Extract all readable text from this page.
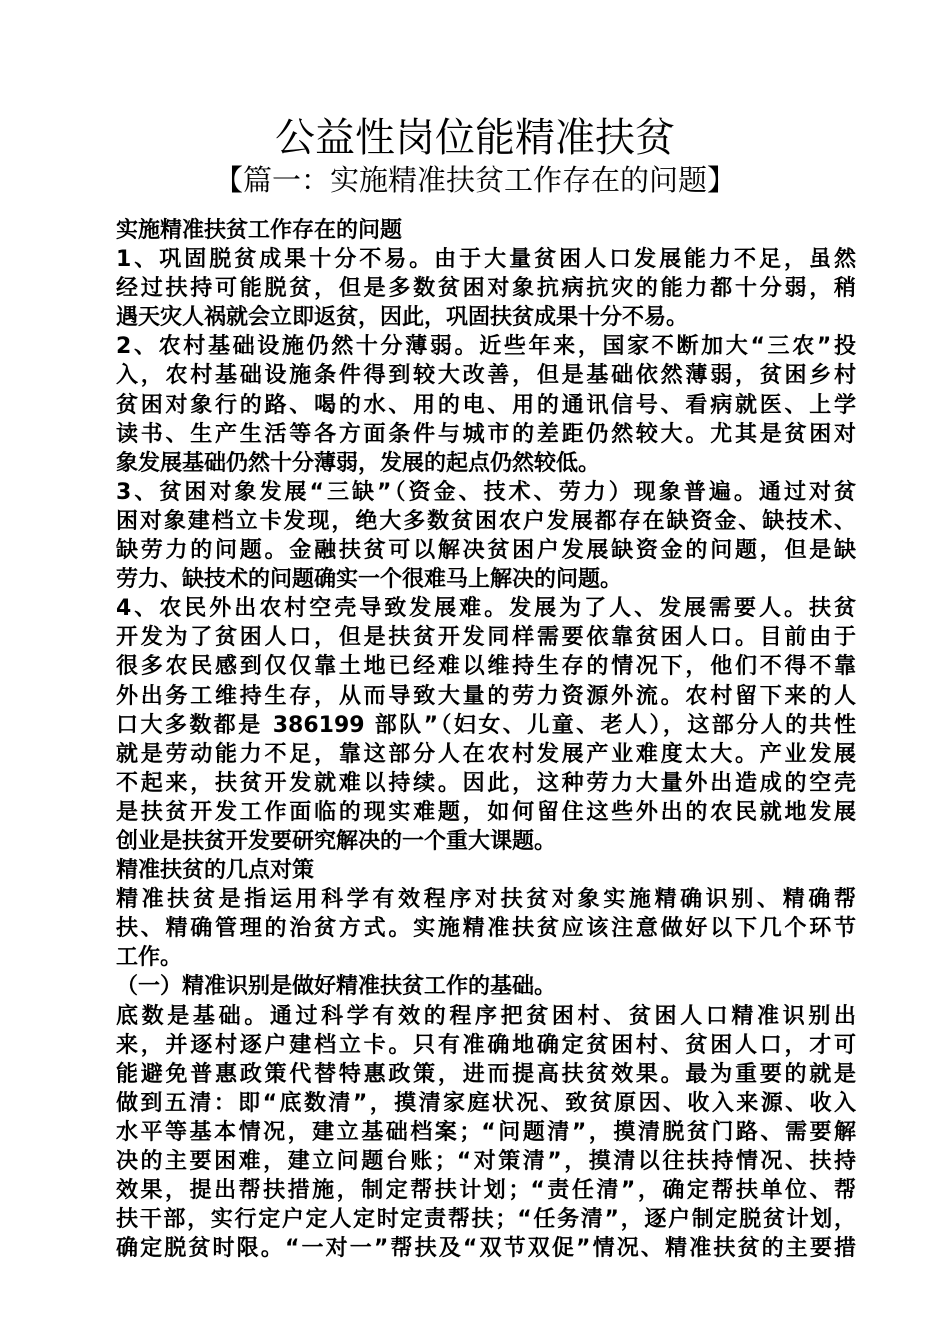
公益性岗位能精准扶贫
【篇一：实施精准扶贫工作存在的问题】
实施精准扶贫工作存在的问题
1、巩固脱贫成果十分不易。由于大量贫困人口发展能力不足，虽然
经过扶持可能脱贫，但是多数贫困对象抗病抗灾的能力都十分弱，稍
遇天灾人祸就会立即返贫，因此，巩固扶贫成果十分不易。
2、农村基础设施仍然十分薄弱。近些年来，国家不断加大“三农”投
入，农村基础设施条件得到较大改善，但是基础依然薄弱，贫困乡村
贫困对象行的路、喝的水、用的电、用的通讯信号、看病就医、上学
读书、生产生活等各方面条件与城市的差距仍然较大。尤其是贫困对
象发展基础仍然十分薄弱，发展的起点仍然较低。
3、贫困对象发展“三缺”（资金、技术、劳力）现象普遍。通过对贫
困对象建档立卡发现，绝大多数贫困农户发展都存在缺资金、缺技术、
缺劳力的问题。金融扶贫可以解决贫困户发展缺资金的问题，但是缺
劳力、缺技术的问题确实一个很难马上解决的问题。
4、农民外出农村空壳导致发展难。发展为了人、发展需要人。扶贫
开发为了贫困人口，但是扶贫开发同样需要依靠贫困人口。目前由于
很多农民感到仅仅靠土地已经难以维持生存的情况下，他们不得不靠
外出务工维持生存，从而导致大量的劳力资源外流。农村留下来的人
口大多数都是 386199 部队”（妇女、儿童、老人），这部分人的共性
就是劳动能力不足，靠这部分人在农村发展产业难度太大。产业发展
不起来，扶贫开发就难以持续。因此，这种劳力大量外出造成的空壳
是扶贫开发工作面临的现实难题，如何留住这些外出的农民就地发展
创业是扶贫开发要研究解决的一个重大课题。
精准扶贫的几点对策
精准扶贫是指运用科学有效程序对扶贫对象实施精确识别、精确帮
扶、精确管理的治贫方式。实施精准扶贫应该注意做好以下几个环节
工作。
（一）精准识别是做好精准扶贫工作的基础。
底数是基础。通过科学有效的程序把贫困村、贫困人口精准识别出
来，并逐村逐户建档立卡。只有准确地确定贫困村、贫困人口，才可
能避免普惠政策代替特惠政策，进而提高扶贫效果。最为重要的就是
做到五清：即“底数清”，摸清家庭状况、致贫原因、收入来源、收入
水平等基本情况，建立基础档案；“问题清”，摸清脱贫门路、需要解
决的主要困难，建立问题台账；“对策清”，摸清以往扶持情况、扶持
效果，提出帮扶措施，制定帮扶计划；“责任清”，确定帮扶单位、帮
扶干部，实行定户定人定时定责帮扶；“任务清”，逐户制定脱贫计划，
确定脱贫时限。“一对一”帮扶及“双节双促”情况、精准扶贫的主要措
